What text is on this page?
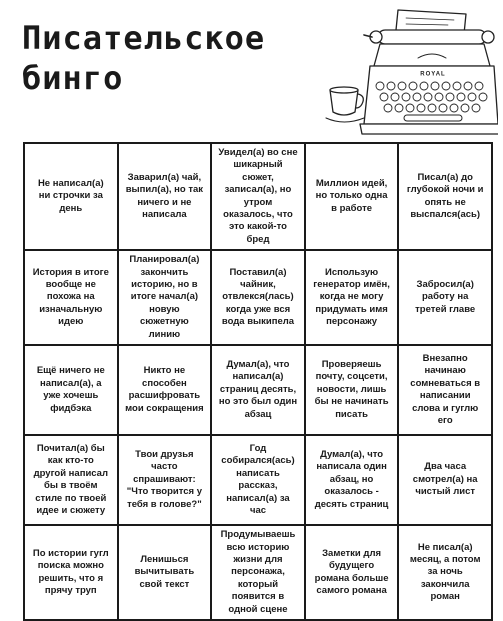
Писательское
бинго	ROYAL
Не написал(а) ни строчки за день	Заварил(а) чай, выпил(а), но так ничего и не написала	Увидел(а) во сне шикарный сюжет, записал(а), но утром оказалось, что это какой-то бред	Миллион идей, но только одна в работе	Писал(а) до глубокой ночи и опять не выспался(ась)
История в итоге вообще не похожа на изначальную идею	Планировал(а) закончить историю, но в итоге начал(а) новую сюжетную линию	Поставил(а) чайник, отвлекся(лась) когда уже вся вода выкипела	Использую генератор имён, когда не могу придумать имя персонажу	Забросил(а) работу на третей главе
Ещё ничего не написал(а), а уже хочешь фидбэка	Никто не способен расшифровать мои сокращения	Думал(а), что написал(а) страниц десять, но это был один абзац	Проверяешь почту, соцсети, новости, лишь бы не начинать писать	Внезапно начинаю сомневаться в написании слова и гуглю его
Почитал(а) бы как кто-то другой написал бы в твоём стиле по твоей идее и сюжету	Твои друзья часто спрашивают: "Что творится у тебя в голове?"	Год собирался(ась) написать рассказ, написал(а) за час	Думал(а), что написала один абзац, но оказалось - десять страниц	Два часа смотрел(а) на чистый лист
По истории гугл поиска можно решить, что я прячу труп	Ленишься вычитывать свой текст	Продумываешь всю историю жизни для персонажа, который появится в одной сцене	Заметки для будущего романа больше самого романа	Не писал(а) месяц, а потом за ночь закончила роман
